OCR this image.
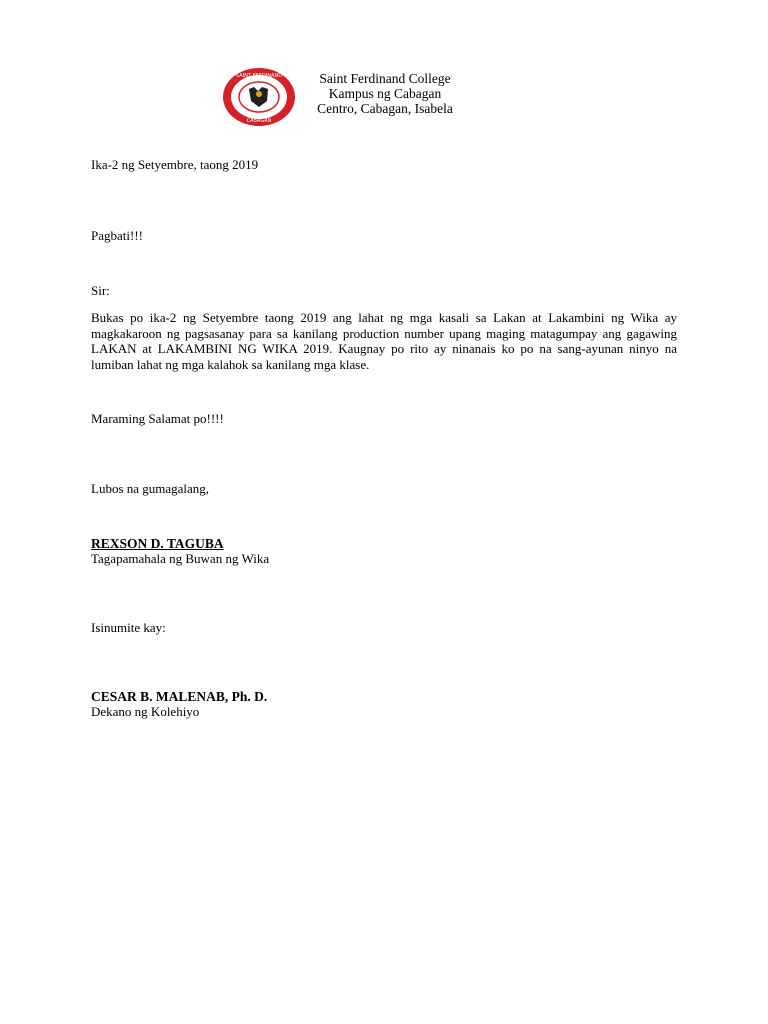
SAINT FERDINAND
CABAGAN
Saint Ferdinand College
Kampus ng Cabagan
Centro, Cabagan, Isabela
Ika-2 ng Setyembre, taong 2019
Pagbati!!!
Sir:
Bukas po ika-2 ng Setyembre taong 2019 ang lahat ng mga kasali sa Lakan at Lakambini ng Wika ay magkakaroon ng pagsasanay para sa kanilang production number upang maging matagumpay ang gagawing LAKAN at LAKAMBINI NG WIKA 2019. Kaugnay po rito ay ninanais ko po na sang-ayunan ninyo na lumiban lahat ng mga kalahok sa kanilang mga klase.
Maraming Salamat po!!!!
Lubos na gumagalang,
REXSON D. TAGUBA
Tagapamahala ng Buwan ng Wika
Isinumite kay:
CESAR B. MALENAB, Ph. D.
Dekano ng Kolehiyo
